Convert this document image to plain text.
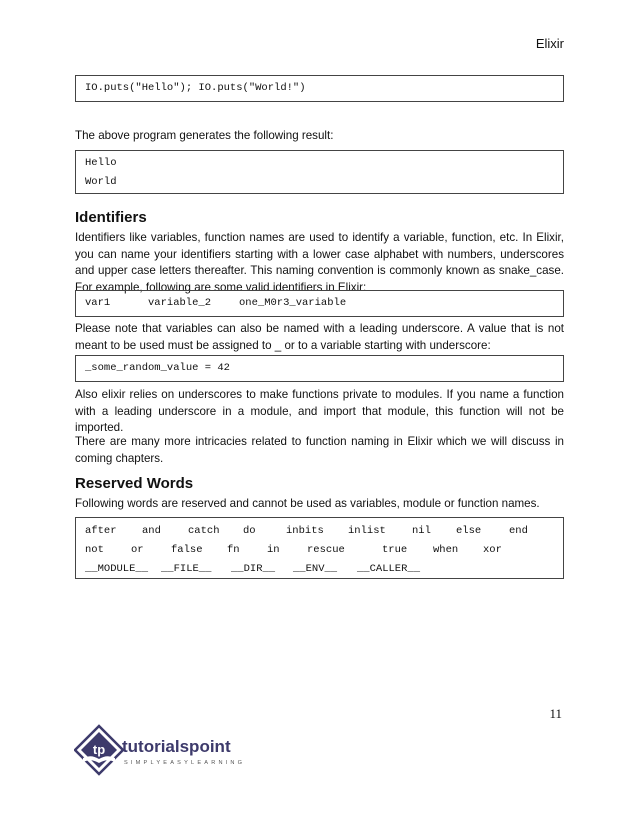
Elixir
IO.puts("Hello"); IO.puts("World!")

The above program generates the following result:

Hello
World
Identifiers

Identifiers like variables, function names are used to identify a variable, function, etc. In Elixir, you can name your identifiers starting with a lower case alphabet with numbers, underscores and upper case letters thereafter. This naming convention is commonly known as snake_case. For example, following are some valid identifiers in Elixir:

var1	variable_2	one_M0r3_variable

Please note that variables can also be named with a leading underscore. A value that is not meant to be used must be assigned to _ or to a variable starting with underscore:

_some_random_value = 42

Also elixir relies on underscores to make functions private to modules. If you name a function with a leading underscore in a module, and import that module, this function will not be imported.

There are many more intricacies related to function naming in Elixir which we will discuss in coming chapters.

Reserved Words

Following words are reserved and cannot be used as variables, module or function names.

after	and	catch	do	inbits	inlist	nil	else	end
not	or	false	fn	in	rescue	true	when	xor
__MODULE__	__FILE__	__DIR__	__ENV__	__CALLER__
11
tp tutorialspoint
SIMPLYEASYLEARNING
